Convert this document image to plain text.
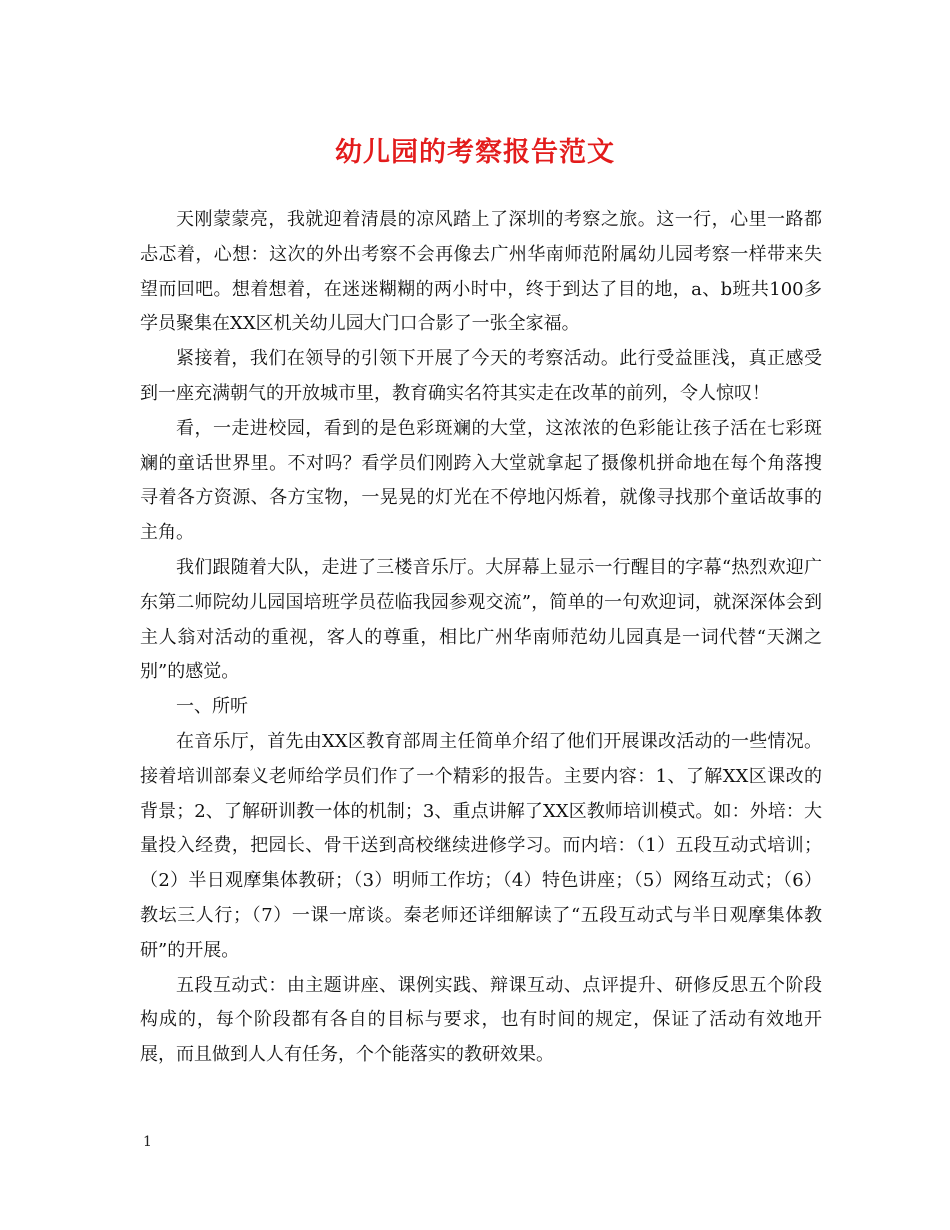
幼儿园的考察报告范文

天刚蒙蒙亮，我就迎着清晨的凉风踏上了深圳的考察之旅。这一行，心里一路都忐忑着，心想：这次的外出考察不会再像去广州华南师范附属幼儿园考察一样带来失望而回吧。想着想着，在迷迷糊糊的两小时中，终于到达了目的地，a、b班共100多学员聚集在XX区机关幼儿园大门口合影了一张全家福。

紧接着，我们在领导的引领下开展了今天的考察活动。此行受益匪浅，真正感受到一座充满朝气的开放城市里，教育确实名符其实走在改革的前列，令人惊叹！

看，一走进校园，看到的是色彩斑斓的大堂，这浓浓的色彩能让孩子活在七彩斑斓的童话世界里。不对吗？看学员们刚跨入大堂就拿起了摄像机拼命地在每个角落搜寻着各方资源、各方宝物，一晃晃的灯光在不停地闪烁着，就像寻找那个童话故事的主角。

我们跟随着大队，走进了三楼音乐厅。大屏幕上显示一行醒目的字幕“热烈欢迎广东第二师院幼儿园国培班学员莅临我园参观交流”，简单的一句欢迎词，就深深体会到主人翁对活动的重视，客人的尊重，相比广州华南师范幼儿园真是一词代替“天渊之别”的感觉。

一、所听

在音乐厅，首先由XX区教育部周主任简单介绍了他们开展课改活动的一些情况。接着培训部秦义老师给学员们作了一个精彩的报告。主要内容：1、了解XX区课改的背景；2、了解研训教一体的机制；3、重点讲解了XX区教师培训模式。如：外培：大量投入经费，把园长、骨干送到高校继续进修学习。而内培：（1）五段互动式培训；（2）半日观摩集体教研；（3）明师工作坊；（4）特色讲座；（5）网络互动式；（6）教坛三人行；（7）一课一席谈。秦老师还详细解读了“五段互动式与半日观摩集体教研”的开展。

五段互动式：由主题讲座、课例实践、辩课互动、点评提升、研修反思五个阶段构成的，每个阶段都有各自的目标与要求，也有时间的规定，保证了活动有效地开展，而且做到人人有任务，个个能落实的教研效果。

1
